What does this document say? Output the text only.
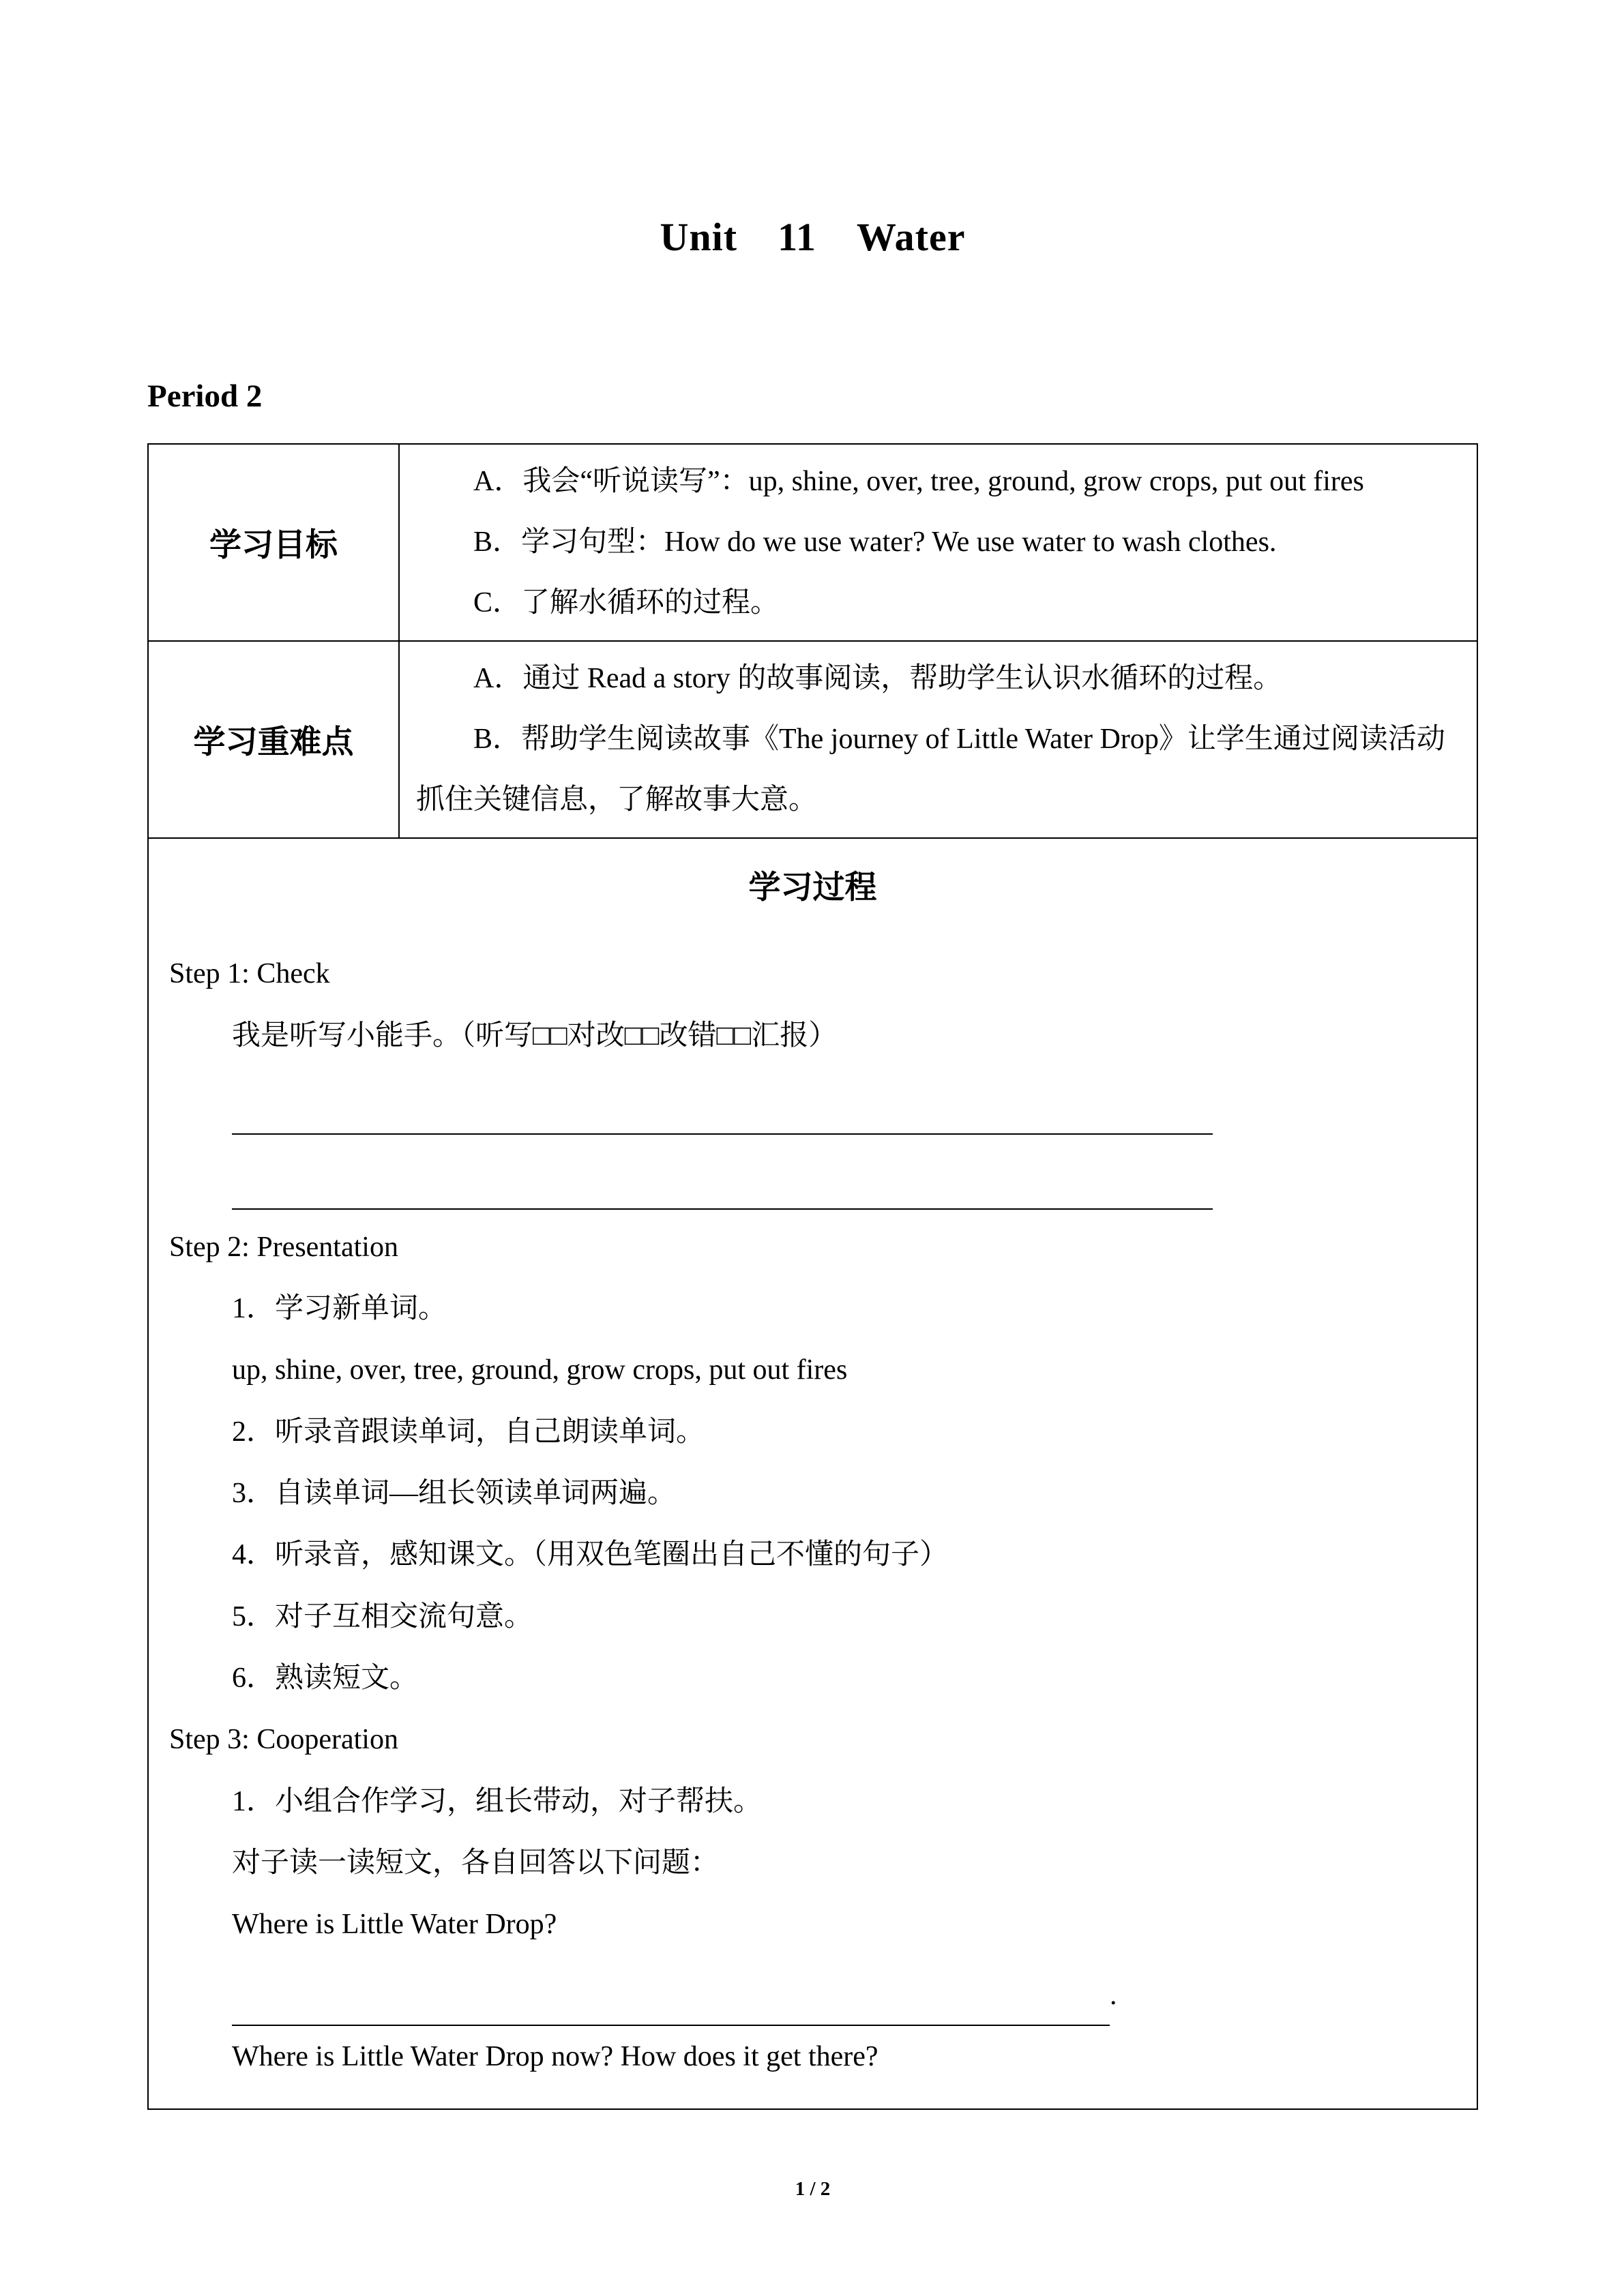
Unit　11　Water
Period 2
学习目标	A．我会“听说读写”：up, shine, over, tree, ground, grow crops, put out fires

B．学习句型：How do we use water? We use water to wash clothes.

C．了解水循环的过程。

学习重难点	A．通过 Read a story 的故事阅读，帮助学生认识水循环的过程。

B．帮助学生阅读故事《The journey of Little Water Drop》让学生通过阅读活动抓住关键信息，了解故事大意。

学习过程
Step 1: Check
我是听写小能手。（听写□□对改□□改错□□汇报）
Step 2: Presentation
1．学习新单词。
up, shine, over, tree, ground, grow crops, put out fires
2．听录音跟读单词，自己朗读单词。
3．自读单词—组长领读单词两遍。
4．听录音，感知课文。（用双色笔圈出自己不懂的句子）
5．对子互相交流句意。
6．熟读短文。
Step 3: Cooperation
1．小组合作学习，组长带动，对子帮扶。
对子读一读短文，各自回答以下问题：
Where is Little Water Drop?
.
Where is Little Water Drop now? How does it get there?
1 / 2
